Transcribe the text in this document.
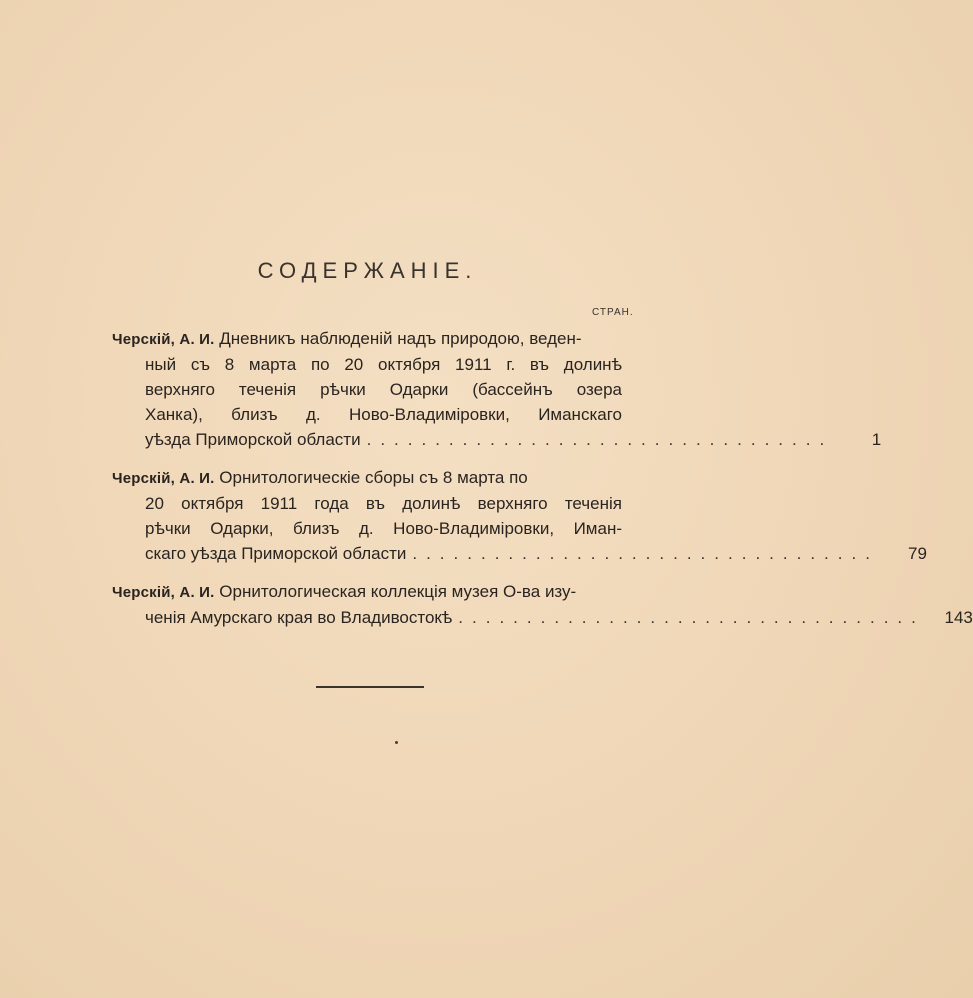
СОДЕРЖАНІЕ.
СТРАН.
Черскій, А. И. Дневникъ наблюденій надъ природою, веден-
ный съ 8 марта по 20 октября 1911 г. въ долинѣ
верхняго теченія рѣчки Одарки (бассейнъ озера
Ханка), близъ д. Ново-Владиміровки, Иманскаго
уѣзда Приморской области ..................................	1
Черскій, А. И. Орнитологическіе сборы съ 8 марта по
20 октября 1911 года въ долинѣ верхняго теченія
рѣчки Одарки, близъ д. Ново-Владиміровки, Иман-
скаго уѣзда Приморской области ..................................	79
Черскій, А. И. Орнитологическая коллекція музея О-ва изу-
ченія Амурскаго края во Владивостокѣ ..................................	143
